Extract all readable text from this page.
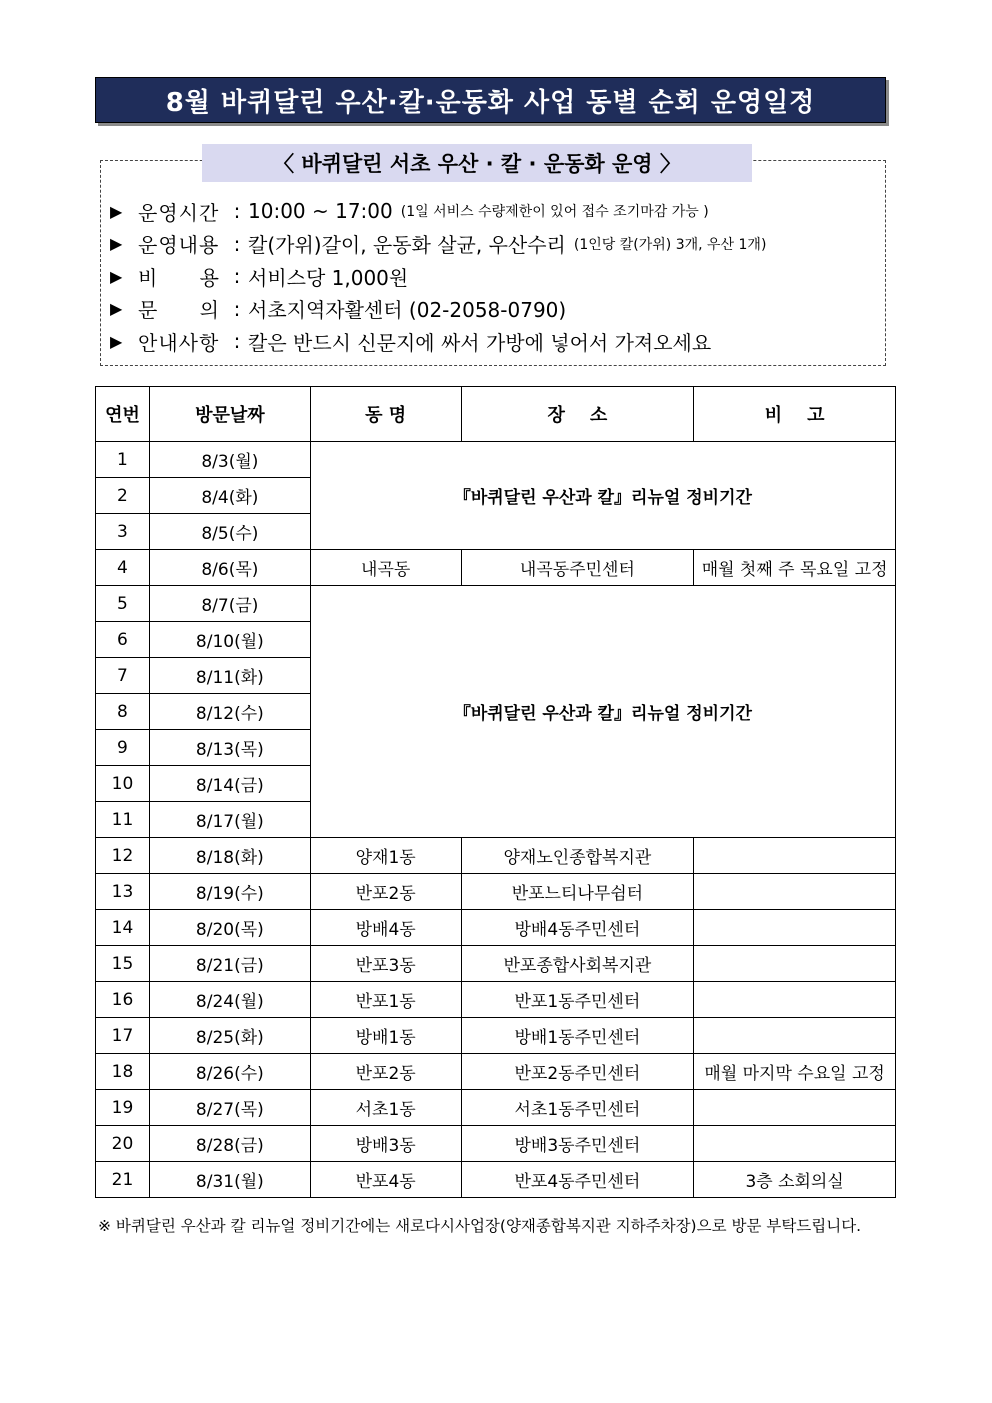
8월 바퀴달린 우산·칼·운동화 사업 동별 순회 운영일정
〈 바퀴달린 서초 우산 · 칼 · 운동화 운영 〉
▶ 운영시간 : 10:00 ~ 17:00 (1일 서비스 수량제한이 있어 접수 조기마감 가능 )
▶ 운영내용 : 칼(가위)갈이, 운동화 살균, 우산수리 (1인당 칼(가위) 3개, 우산 1개)
▶ 비 용 : 서비스당 1,000원
▶ 문 의 : 서초지역자활센터 (02-2058-0790)
▶ 안내사항 : 칼은 반드시 신문지에 싸서 가방에 넣어서 가져오세요
연번	방문날짜	동 명	장    소	비    고
1	8/3(월)	『바퀴달린 우산과 칼』리뉴얼 정비기간		
2	8/4(화)			
3	8/5(수)			
4	8/6(목)	내곡동	내곡동주민센터	매월 첫째 주 목요일 고정
5	8/7(금)	『바퀴달린 우산과 칼』리뉴얼 정비기간		
6	8/10(월)			
7	8/11(화)			
8	8/12(수)			
9	8/13(목)			
10	8/14(금)			
11	8/17(월)			
12	8/18(화)	양재1동	양재노인종합복지관	
13	8/19(수)	반포2동	반포느티나무쉼터	
14	8/20(목)	방배4동	방배4동주민센터	
15	8/21(금)	반포3동	반포종합사회복지관	
16	8/24(월)	반포1동	반포1동주민센터	
17	8/25(화)	방배1동	방배1동주민센터	
18	8/26(수)	반포2동	반포2동주민센터	매월 마지막 수요일 고정
19	8/27(목)	서초1동	서초1동주민센터	
20	8/28(금)	방배3동	방배3동주민센터	
21	8/31(월)	반포4동	반포4동주민센터	3층 소회의실
※ 바퀴달린 우산과 칼 리뉴얼 정비기간에는 새로다시사업장(양재종합복지관 지하주차장)으로 방문 부탁드립니다.
